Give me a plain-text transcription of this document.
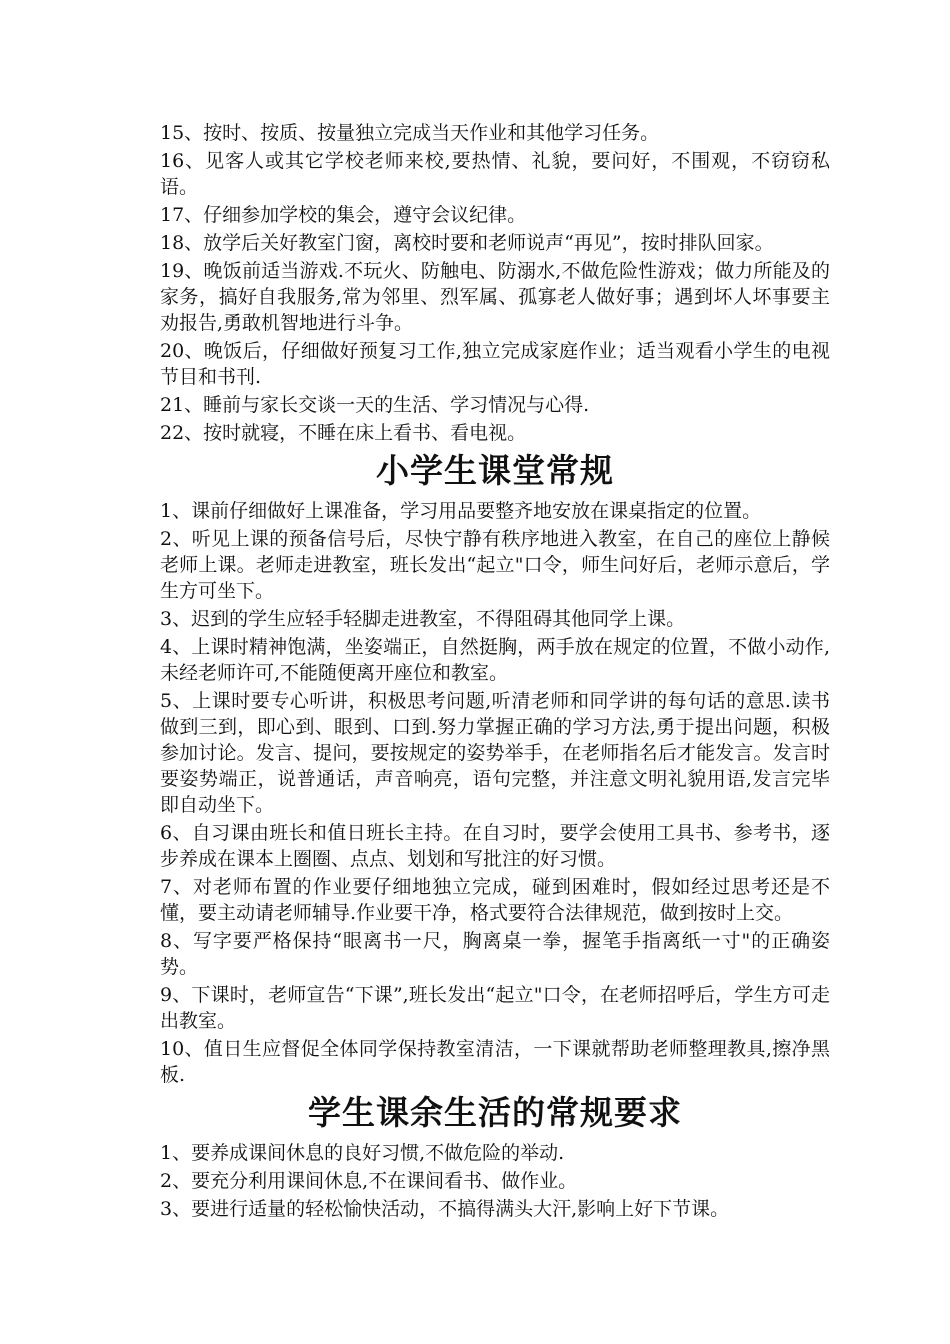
15、按时、按质、按量独立完成当天作业和其他学习任务。

16、见客人或其它学校老师来校,要热情、礼貌，要问好，不围观，不窃窃私语。

17、仔细参加学校的集会，遵守会议纪律。

18、放学后关好教室门窗，离校时要和老师说声“再见”，按时排队回家。

19、晚饭前适当游戏.不玩火、防触电、防溺水,不做危险性游戏；做力所能及的家务，搞好自我服务,常为邻里、烈军属、孤寡老人做好事；遇到坏人坏事要主劝报告,勇敢机智地进行斗争。

20、晚饭后，仔细做好预复习工作,独立完成家庭作业；适当观看小学生的电视节目和书刊.

21、睡前与家长交谈一天的生活、学习情况与心得.

22、按时就寝，不睡在床上看书、看电视。

小学生课堂常规

1、课前仔细做好上课准备，学习用品要整齐地安放在课桌指定的位置。

2、听见上课的预备信号后，尽快宁静有秩序地进入教室，在自己的座位上静候老师上课。老师走进教室，班长发出“起立"口令，师生问好后，老师示意后，学生方可坐下。

3、迟到的学生应轻手轻脚走进教室，不得阻碍其他同学上课。

4、上课时精神饱满，坐姿端正，自然挺胸，两手放在规定的位置，不做小动作,未经老师许可,不能随便离开座位和教室。

5、上课时要专心听讲，积极思考问题,听清老师和同学讲的每句话的意思.读书做到三到，即心到、眼到、口到.努力掌握正确的学习方法,勇于提出问题，积极参加讨论。发言、提问，要按规定的姿势举手，在老师指名后才能发言。发言时要姿势端正，说普通话，声音响亮，语句完整，并注意文明礼貌用语,发言完毕即自动坐下。

6、自习课由班长和值日班长主持。在自习时，要学会使用工具书、参考书，逐步养成在课本上圈圈、点点、划划和写批注的好习惯。

7、对老师布置的作业要仔细地独立完成，碰到困难时，假如经过思考还是不懂，要主动请老师辅导.作业要干净，格式要符合法律规范，做到按时上交。

8、写字要严格保持“眼离书一尺，胸离桌一拳，握笔手指离纸一寸"的正确姿势。

9、下课时，老师宣告“下课”,班长发出“起立"口令，在老师招呼后，学生方可走出教室。

10、值日生应督促全体同学保持教室清洁，一下课就帮助老师整理教具,擦净黑板.

学生课余生活的常规要求

1、要养成课间休息的良好习惯,不做危险的举动.

2、要充分利用课间休息,不在课间看书、做作业。

3、要进行适量的轻松愉快活动，不搞得满头大汗,影响上好下节课。
